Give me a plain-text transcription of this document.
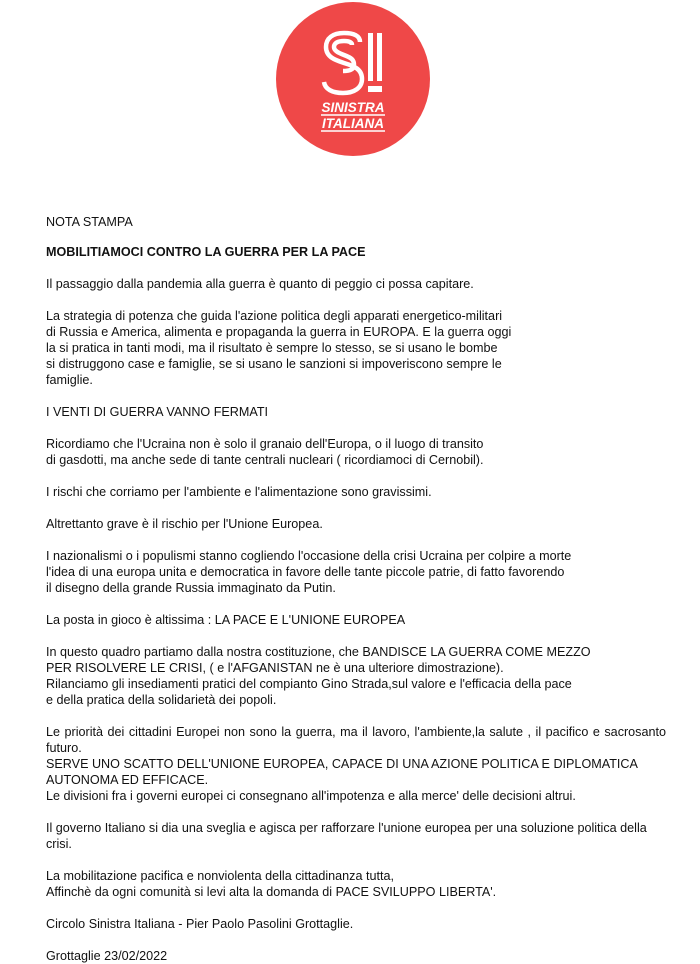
SINISTRA
ITALIANA

NOTA STAMPA

MOBILITIAMOCI CONTRO LA GUERRA PER LA PACE

Il passaggio dalla pandemia alla guerra è quanto di peggio ci possa capitare.

La strategia di potenza che guida l'azione politica degli apparati energetico-militari
di Russia e America, alimenta e propaganda la guerra in EUROPA. E la guerra oggi
la si pratica in tanti modi, ma il risultato è sempre lo stesso, se si usano le bombe
si distruggono case e famiglie, se si usano le sanzioni si impoveriscono sempre le
famiglie.

I VENTI DI GUERRA VANNO FERMATI

Ricordiamo che l'Ucraina non è solo il granaio dell'Europa, o il luogo di transito
di gasdotti, ma anche sede di tante centrali nucleari ( ricordiamoci di Cernobil).

I rischi che corriamo per l'ambiente e l'alimentazione sono gravissimi.

Altrettanto grave è il rischio per l'Unione Europea.

I nazionalismi o i populismi stanno cogliendo l'occasione della crisi Ucraina per colpire a morte
l'idea di una europa unita e democratica in favore delle tante piccole patrie, di fatto favorendo
il disegno della grande Russia immaginato da Putin.

La posta in gioco è altissima : LA PACE E L'UNIONE EUROPEA

In questo quadro partiamo dalla nostra costituzione, che BANDISCE LA GUERRA COME MEZZO
PER RISOLVERE LE CRISI, ( e l'AFGANISTAN ne è una ulteriore dimostrazione).
Rilanciamo gli insediamenti pratici del compianto Gino Strada,sul valore e l'efficacia della pace
e della pratica della solidarietà dei popoli.

Le priorità dei cittadini Europei non sono la guerra, ma il lavoro, l'ambiente,la salute , il pacifico e sacrosanto futuro.

SERVE UNO SCATTO DELL'UNIONE EUROPEA, CAPACE DI UNA AZIONE POLITICA E DIPLOMATICA AUTONOMA ED EFFICACE.

Le divisioni fra i governi europei ci consegnano all'impotenza e alla merce' delle decisioni altrui.

Il governo Italiano si dia una sveglia e agisca per rafforzare l'unione europea per una soluzione politica della crisi.

La mobilitazione pacifica e nonviolenta della cittadinanza tutta,
Affinchè da ogni comunità si levi alta la domanda di PACE SVILUPPO LIBERTA'.

Circolo Sinistra Italiana - Pier Paolo Pasolini Grottaglie.

Grottaglie 23/02/2022
